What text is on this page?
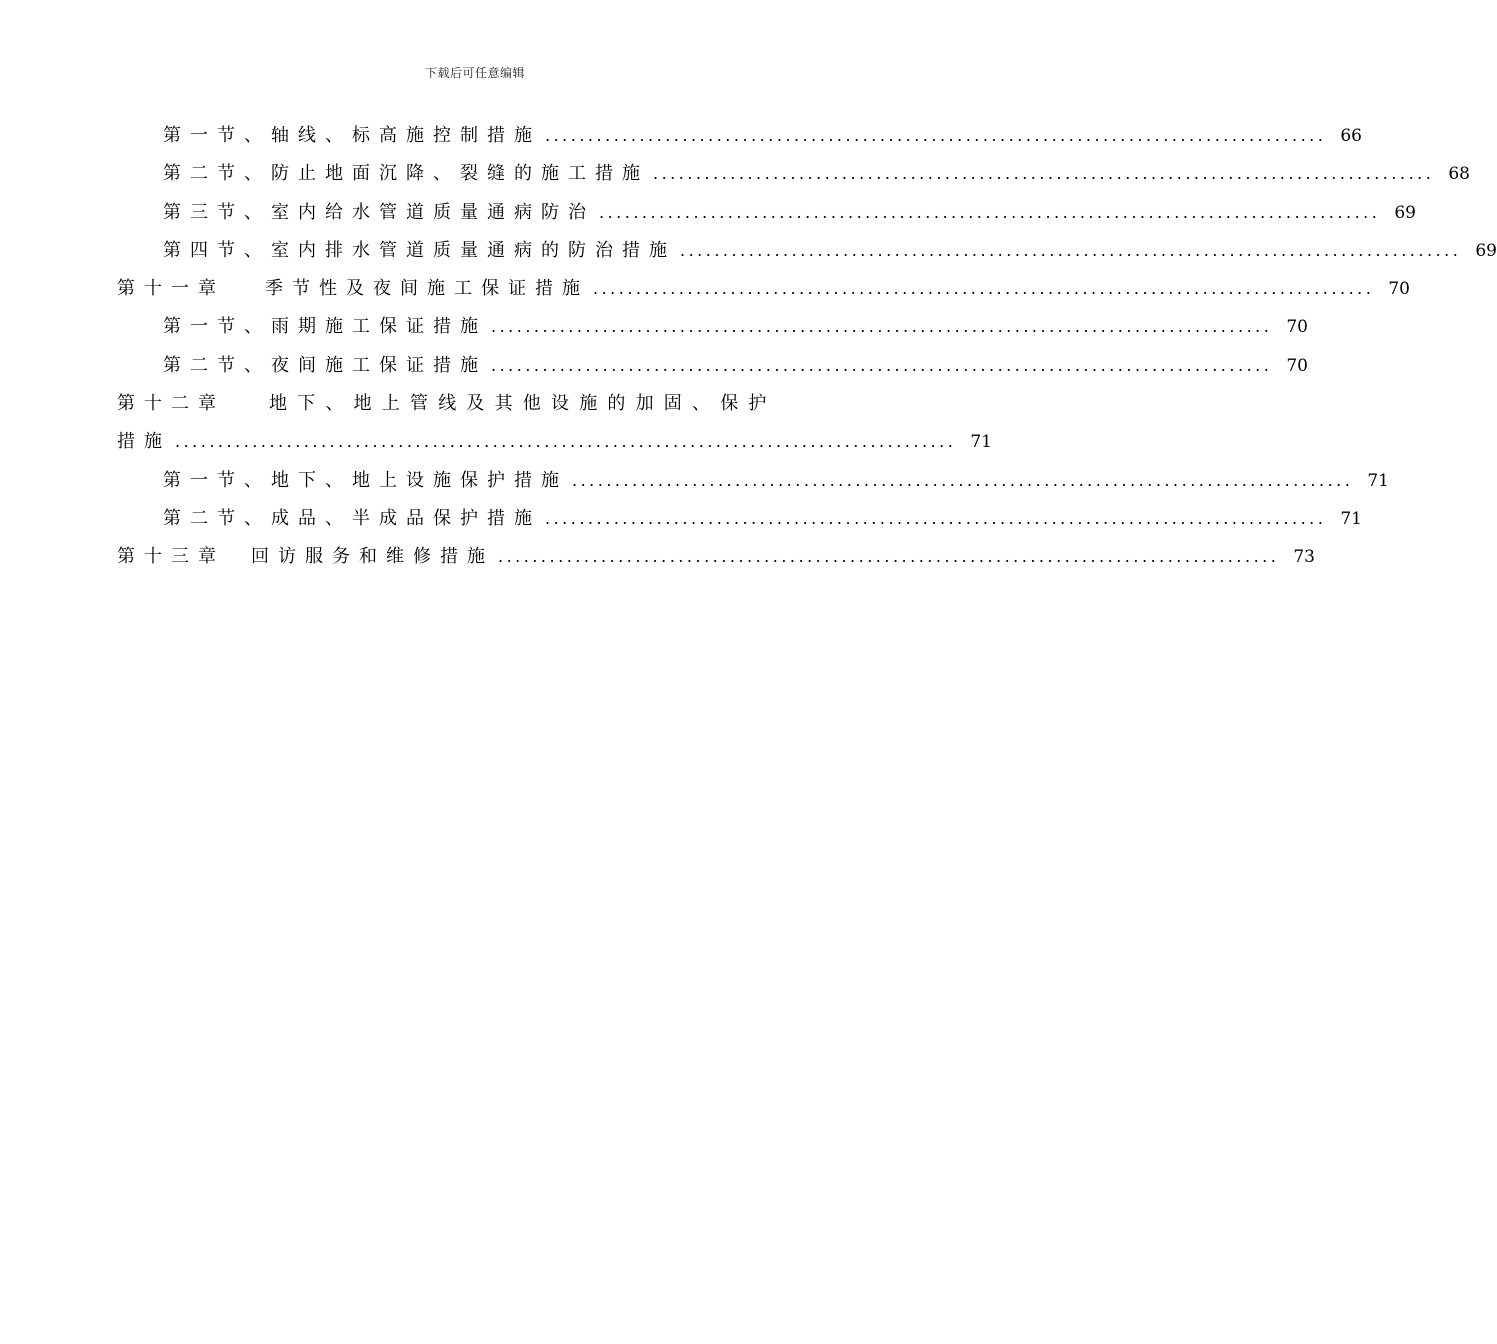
下载后可任意编辑
第一节、轴线、标高施控制措施 ........................................................................................... 66
第二节、防止地面沉降、裂缝的施工措施 ........................................................................................... 68
第三节、室内给水管道质量通病防治 ........................................................................................... 69
第四节、室内排水管道质量通病的防治措施 ........................................................................................... 69
第十一章 季节性及夜间施工保证措施 ........................................................................................... 70
第一节、雨期施工保证措施 ........................................................................................... 70
第二节、夜间施工保证措施 ........................................................................................... 70
第十二章 地下、地上管线及其他设施的加固、保护
措施 ........................................................................................... 71
第一节、地下、地上设施保护措施 ........................................................................................... 71
第二节、成品、半成品保护措施 ........................................................................................... 71
第十三章 回访服务和维修措施 ........................................................................................... 73
